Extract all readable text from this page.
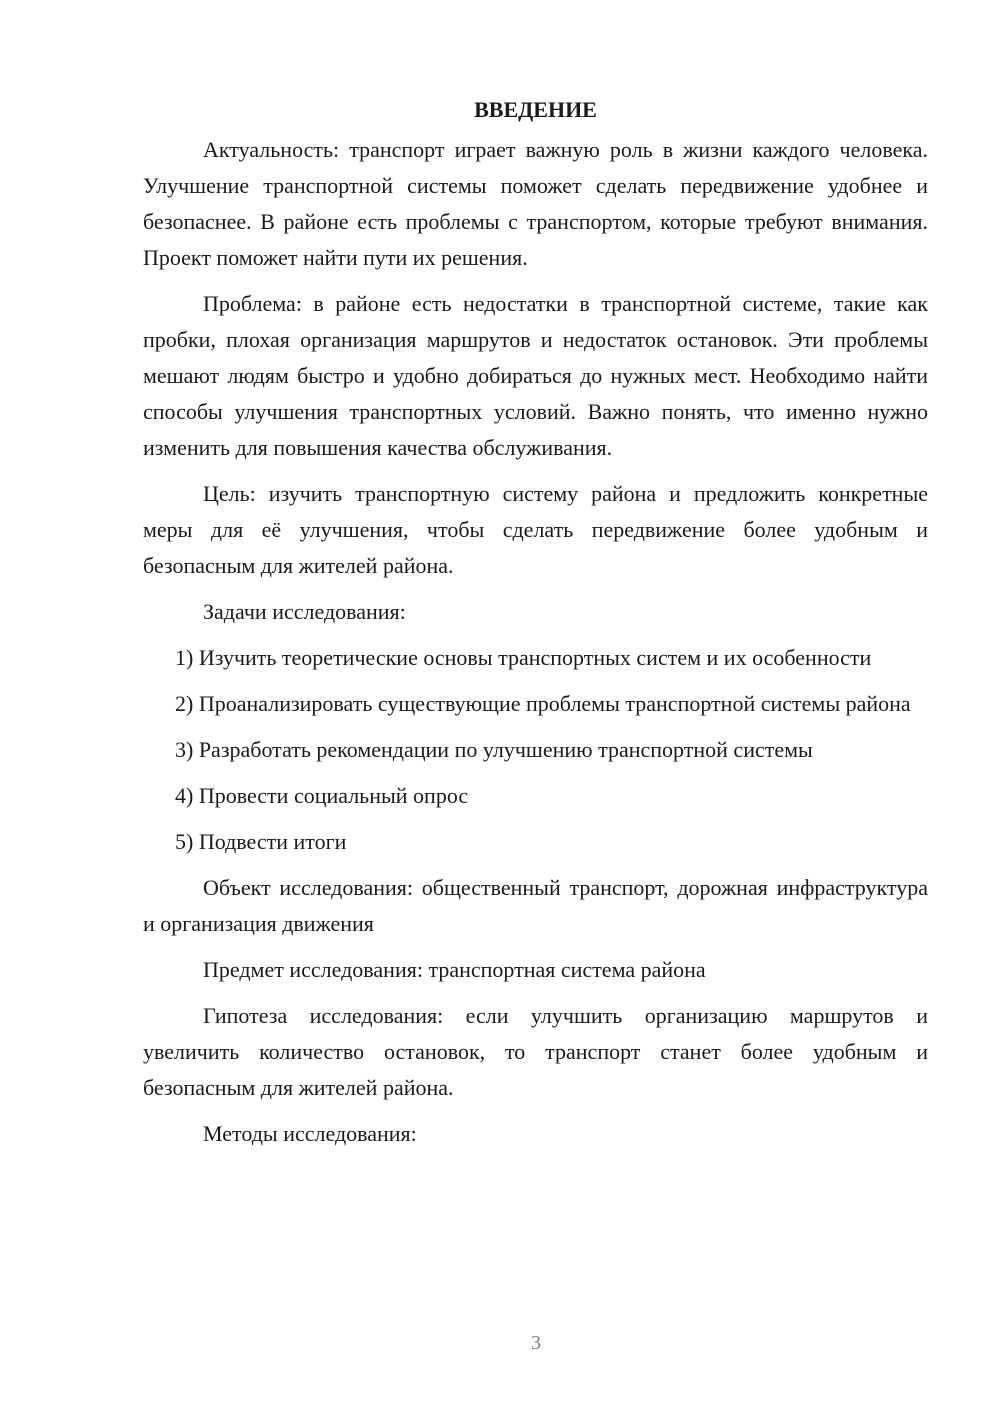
ВВЕДЕНИЕ

Актуальность: транспорт играет важную роль в жизни каждого человека. Улучшение транспортной системы поможет сделать передвижение удобнее и безопаснее. В районе есть проблемы с транспортом, которые требуют внимания. Проект поможет найти пути их решения.

Проблема: в районе есть недостатки в транспортной системе, такие как пробки, плохая организация маршрутов и недостаток остановок. Эти проблемы мешают людям быстро и удобно добираться до нужных мест. Необходимо найти способы улучшения транспортных условий. Важно понять, что именно нужно изменить для повышения качества обслуживания.

Цель: изучить транспортную систему района и предложить конкретные меры для её улучшения, чтобы сделать передвижение более удобным и безопасным для жителей района.

Задачи исследования:

1) Изучить теоретические основы транспортных систем и их особенности

2) Проанализировать существующие проблемы транспортной системы района

3) Разработать рекомендации по улучшению транспортной системы

4) Провести социальный опрос

5) Подвести итоги

Объект исследования: общественный транспорт, дорожная инфраструктура и организация движения

Предмет исследования: транспортная система района

Гипотеза исследования: если улучшить организацию маршрутов и увеличить количество остановок, то транспорт станет более удобным и безопасным для жителей района.

Методы исследования:

3
